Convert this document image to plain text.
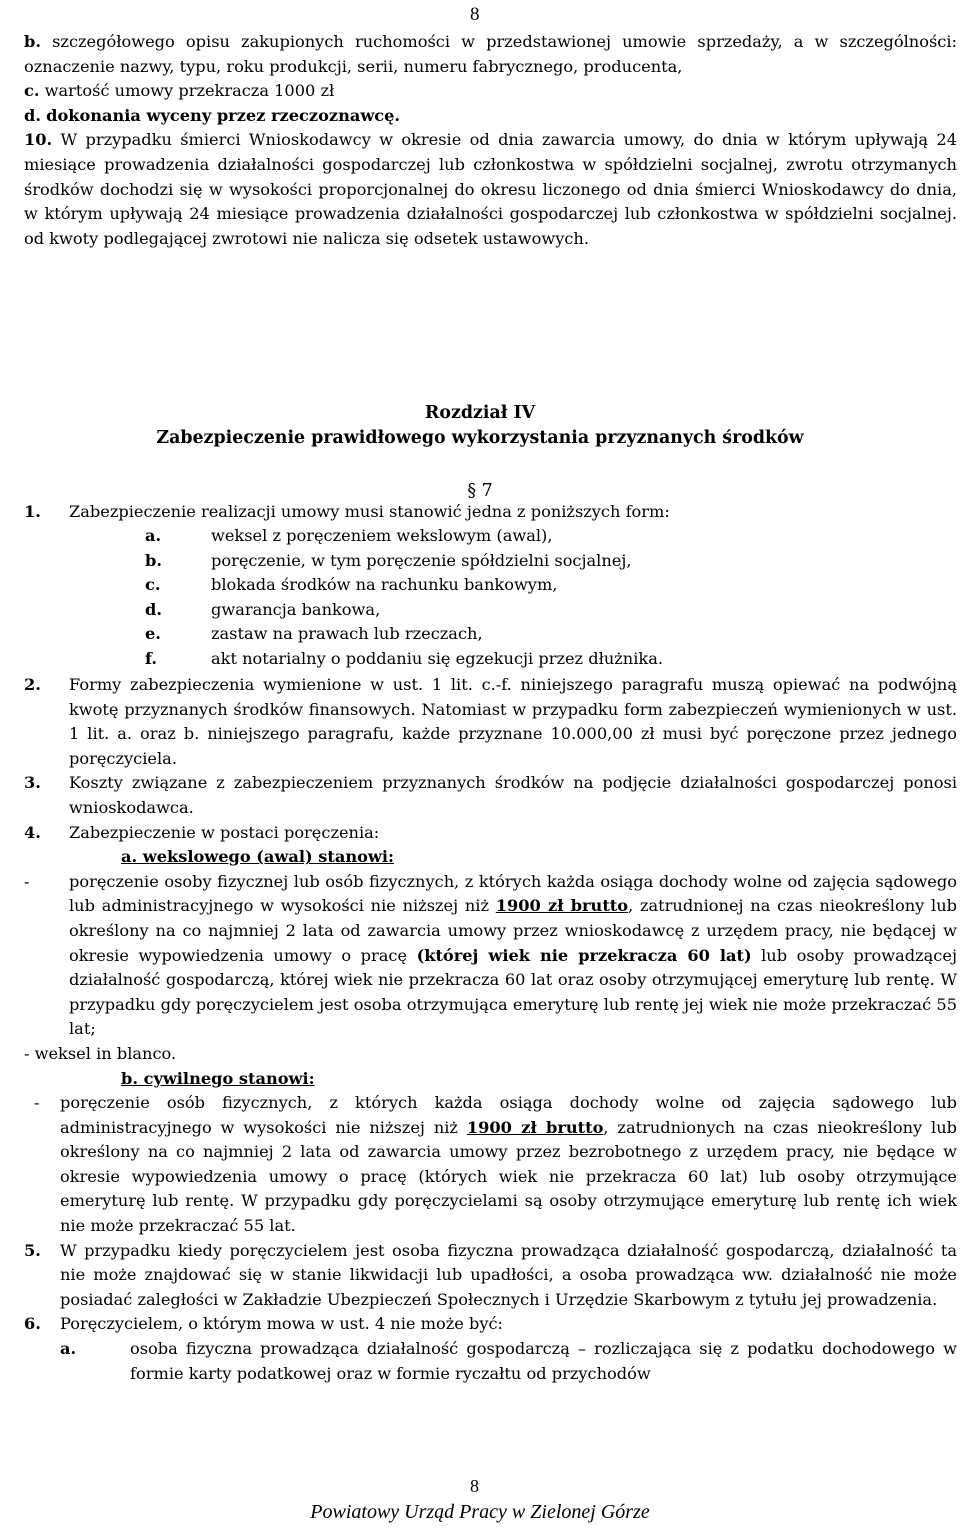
8
b. szczegółowego opisu zakupionych ruchomości w przedstawionej umowie sprzedaży, a w szczególności: oznaczenie nazwy, typu, roku produkcji, serii, numeru fabrycznego, producenta,
c. wartość umowy przekracza 1000 zł
d. dokonania wyceny przez rzeczoznawcę.
10. W przypadku śmierci Wnioskodawcy w okresie od dnia zawarcia umowy, do dnia w którym upływają 24 miesiące prowadzenia działalności gospodarczej lub członkostwa w spółdzielni socjalnej, zwrotu otrzymanych środków dochodzi się w wysokości proporcjonalnej do okresu liczonego od dnia śmierci Wnioskodawcy do dnia, w którym upływają 24 miesiące prowadzenia działalności gospodarczej lub członkostwa w spółdzielni socjalnej. od kwoty podlegającej zwrotowi nie nalicza się odsetek ustawowych.
Rozdział IV
Zabezpieczenie prawidłowego wykorzystania przyznanych środków
§ 7
1. Zabezpieczenie realizacji umowy musi stanowić jedna z poniższych form:
a.	weksel z poręczeniem wekslowym (awal),
b.	poręczenie, w tym poręczenie spółdzielni socjalnej,
c.	blokada środków na rachunku bankowym,
d.	gwarancja bankowa,
e.	zastaw na prawach lub rzeczach,
f.	akt notarialny o poddaniu się egzekucji przez dłużnika.
2. Formy zabezpieczenia wymienione w ust. 1 lit. c.-f. niniejszego paragrafu muszą opiewać na podwójną kwotę przyznanych środków finansowych. Natomiast w przypadku form zabezpieczeń wymienionych w ust. 1 lit. a. oraz b. niniejszego paragrafu, każde przyznane 10.000,00 zł musi być poręczone przez jednego poręczyciela.
3. Koszty związane z zabezpieczeniem przyznanych środków na podjęcie działalności gospodarczej ponosi wnioskodawca.
4. Zabezpieczenie w postaci poręczenia:
a. wekslowego (awal) stanowi:
- poręczenie osoby fizycznej lub osób fizycznych, z których każda osiąga dochody wolne od zajęcia sądowego lub administracyjnego w wysokości nie niższej niż 1900 zł brutto, zatrudnionej na czas nieokreślony lub określony na co najmniej 2 lata od zawarcia umowy przez wnioskodawcę z urzędem pracy, nie będącej w okresie wypowiedzenia umowy o pracę (której wiek nie przekracza 60 lat) lub osoby prowadzącej działalność gospodarczą, której wiek nie przekracza 60 lat oraz osoby otrzymującej emeryturę lub rentę. W przypadku gdy poręczycielem jest osoba otrzymująca emeryturę lub rentę jej wiek nie może przekraczać 55 lat;
- weksel in blanco.
b. cywilnego stanowi:
- poręczenie osób fizycznych, z których każda osiąga dochody wolne od zajęcia sądowego lub administracyjnego w wysokości nie niższej niż 1900 zł brutto, zatrudnionych na czas nieokreślony lub określony na co najmniej 2 lata od zawarcia umowy przez bezrobotnego z urzędem pracy, nie będące w okresie wypowiedzenia umowy o pracę (których wiek nie przekracza 60 lat) lub osoby otrzymujące emeryturę lub rentę. W przypadku gdy poręczycielami są osoby otrzymujące emeryturę lub rentę ich wiek nie może przekraczać 55 lat.
5. W przypadku kiedy poręczycielem jest osoba fizyczna prowadząca działalność gospodarczą, działalność ta nie może znajdować się w stanie likwidacji lub upadłości, a osoba prowadząca ww. działalność nie może posiadać zaległości w Zakładzie Ubezpieczeń Społecznych i Urzędzie Skarbowym z tytułu jej prowadzenia.
6. Poręczycielem, o którym mowa w ust. 4 nie może być:
a.	osoba fizyczna prowadząca działalność gospodarczą – rozliczająca się z podatku dochodowego w formie karty podatkowej oraz w formie ryczałtu od przychodów
8
Powiatowy Urząd Pracy w Zielonej Górze
